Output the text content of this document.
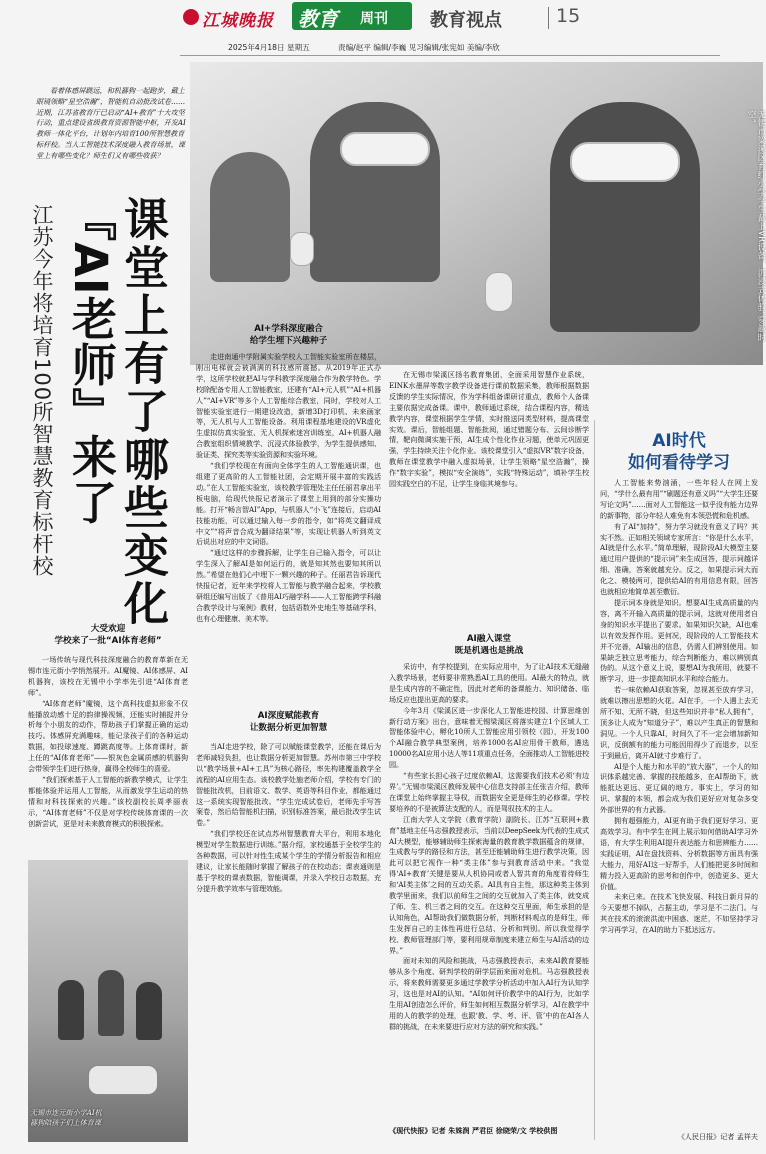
江城晚报 教育 周刊 教育视点	15
2025年4月18日 星期五	责编/赵平 编辑/李巍 见习编辑/张宪如 美编/李欣
无锡市梁溪区育红小学学生戴上VR设备，沉浸式体验“穿越时空”
看着体感屏跳远，和机器狗一起跑步，戴上眼镜领略“星空浩瀚”，智能机自动批改试卷……近期，江苏省教育厅已启动“AI+教育”十大攻坚行动，重点建设省级教育资源智能中枢，开发AI教师一体化平台，计划年内培育100所智慧教育标杆校。当人工智能技术深度融入教育场景，课堂上有哪些变化？师生们又有哪些收获？
课堂上有了哪些变化
『AI老师』来了
江苏今年将培育100所智慧教育标杆校
大受欢迎
学校来了一批“AI体育老师”

一场传统与现代科技深度融合的教育革新在无锡市连元街小学悄然展开。AI魔镜、AI体感屏、AI机器狗，该校在无锡中小学率先引进“AI体育老师”。

“AI体育老师”魔镜，这个高科技虚拟形象不仅能播放动感十足的韵律操视频，还能实时捕捉并分析每个小朋友的动作，帮助孩子们掌握正确的运动技巧。体感屏充满趣味，能记录孩子们的各种运动数据，如投球速度、蹲跳高度等。上体育课时，新上任的“AI体育老师”——银灰色金属质感的机器狗会带领学生们进行热身，赢得全校师生的喜爱。

“我们探索基于人工智能的新教学模式，让学生都能体验并运用人工智能，从而激发学生运动的热情和对科技探索的兴趣。”该校副校长周孝丽表示，“AI体育老师”不仅是对学校传统体育课的一次创新尝试，更是对未来教育模式的积极探索。

无锡市连元街小学AI机器狗陪孩子们上体育课
AI+学科深度融合
给学生埋下兴趣种子

走进南通中学附属实验学校人工智能实验室所在楼层，刚出电梯就会被满满的科技感所震撼。从2019年正式办学，这所学校就把AI与学科教学深度融合作为教学特色。学校除配备专用人工智能教室，还建有“AI+元人机”“AI+机器人”“AI+VR”等多个人工智能综合教室，同时，学校对人工智能实验室进行一期建设改造，新增3D打印机、未来画家等，无人机与人工智能设备。利用课程基地建设的VR虚化生虚拟仿真实验室、无人机探索迷宫训练室，AI+机器人融合教室组织情境教学、沉浸式体验教学，为学生提供感知、验证类、探究类等实验资源和实验环境。

“我们学校现在有面向全体学生的人工智能通识课，也组建了更高阶的人工智能社团，会定期开展丰富的实践活动。”在人工智能实验室，该校教学管理处主任任丽君拿出平板电脑，给现代快报记者演示了课堂上用到的部分实操功能。打开“畅言智AI”App，与机器人“小飞”连接后，启动AI技能功能，可以通过输入每一步的指令，如“将英文翻译成中文”“将声音合成为翻译结果”等，实现让机器人听到英文后说出对应的中文词语。

“通过这样的步骤拆解，让学生自己输入指令，可以让学生深入了解AI是如何运行的，就是知其然也要知其所以然。”希望在他们心中埋下一颗兴趣的种子。任丽君告诉现代快报记者，近年来学校将人工智能与教学融合起来，学校教研组还编写出版了《普用AI巧融学科——人工智能跨学科融合教学设计与案例》教材，包括语数外史地生等基础学科，也有心理健康、美术等。

AI深度赋能教育
让数据分析更加智慧

当AI走进学校，除了可以赋能课堂教学，还能在课后为老师减轻负担，也让数据分析更加智慧。苏州市第三中学校以“教学场景+AI+工具”为核心路径，率先构建覆盖教学全流程的AI应用生态。该校教学处施老师介绍，学校有专门的智能批改机，目前语文、数学、英语等科目作业，都能通过这一系统实现智能批改。“学生完成试卷后，老师先手写答案卷，然后给智能机扫描，识别标准答案，最后批改学生试卷。”

“我们学校还在试点苏州智慧教育大平台，利用本地化模型对学生数据进行训练。”据介绍，家校通基于全校学生的各种数据，可以针对性生成某个学生的学情分析报告和相应建议，让家长能随时掌握了解孩子的在校动态；课表通则是基于学校的课表数据，智能调课，并录入学校日志数据，充分提升教学效率与管理效能。

在无锡市梁溪区扬名教育集团，全面采用智慧作业系统，EINK水墨屏等数字教学设备进行课前数据采集，教师根据数据反馈的学生实际情况，作为学科组备课研讨重点，教师个人备课主要依据完成备课。课中，教师通过系统，结合课程内容，精选教学内容，课堂根据学生学情，实时推送同类型材料，提高课堂实效。课后，智能组题、智能批阅，通过错题分布、云间诊断学情，靶向微调实施干预，AI生成个性化作业习题，使单元巩固更强，学生持续关注个化作业。该校课堂引入“虚拟VR”数字设备，教师在课堂教学中融入虚拟场景，让学生领略“星空浩瀚”，操作“数字实验”，模拟“安全演练”，实践“特殊运动”，填补学生校园实践空白的不足，让学生身临其境参与。

AI融入课堂
既是机遇也是挑战

采访中，有学校提到，在实际应用中，为了让AI技术无缝融入教学场景，老师要非常熟悉AI工具的使用。AI最大的特点，就是生成内容的不确定性，因此对老师的备课能力、知识储备、临场反应也提出更高的要求。

今年3月《梁溪区进一步深化人工智能进校园、计算思维创新行动方案》出台，意味着无锡梁溪区将落实建立1个区域人工智能体验中心，孵化10所人工智能应用引领校（园），开发100个AI融合教学典型案例，培养1000名AI应用骨干教师，遴选10000名AI应用小达人等11项重点任务，全面推动人工智能进校园。

“有些家长担心孩子过度依赖AI，这需要我们技术必须‘有边界’。”无锡市梁溪区教师发展中心信息支持部主任张吉介绍，教师在课堂上始终掌握主导权，而数据安全更是师生的必修课。学校要培养的不是被算法支配的人，而是驾驭技术的主人。

江南大学人文学院（教育学院）副院长、江苏“互联网+教育”基地主任马志强教授表示，当前以DeepSeek为代表的生成式AI大模型，能够辅助师生探索海量的教育教学数据蕴含的规律，生成教与学的路径和方法，甚至还能辅助师生进行教学决策，因此可以把它视作一种“类主体”参与到教育活动中来。“我觉得‘AI+教育’关键是要从人机协同或者人智共育的角度看待师生和‘AI类主体’之间的互动关系。AI具有自主性，那这种类主体到教学里面来，我们以前师生之间的交互就加入了类主体，就变成了师、生、机三者之间的交互。在这种交互里面，师生承担的是认知角色，AI帮助我们做数据分析，判断材料观点的是师生，师生发挥自己的主体性再进行总结、分析和判别。所以我觉得学校、教师管理部门等，要利用规章制度来建立师生与AI活动的边界。”

面对未知的风险和挑战，马志强教授表示，未来AI教育要能够从多个角度、研判学校的研学层面来面对危机。马志强教授表示，将来教师需要更多通过学教学分析活动中加入AI行为认知学习，这也是对AI的认知。“AI如何评价教学中的AI行为，比如学生用AI创造怎么评价，师生如何相互数据分析学习，AI在教学中用的人的教学的处理，也跟‘教、学、考、评、管’中的在AI各人群的挑战，在未来要进行应对方法的研究和实践。”

《现代快报》记者 朱姝润 严君臣 徐晓荣/文 学校供图
AI时代
如何看待学习

人工智能来势汹涌，一些年轻人在网上发问，“学什么最有用”“刷题还有意义吗”“大学生还要写论文吗”……面对人工智能这一似乎没有能力边界的新事物，部分年轻人难免有本领恐慌和危机感。

有了AI“加持”，努力学习就没有意义了吗？其实不然。正如相关领域专家所言：“你是什么水平，AI就是什么水平。”简单理解，现阶段AI大模型主要通过用户提供的“提示词”来生成回答，提示词越详细、准确，答案就越充分。反之，如果提示词大而化之、模棱两可，提供给AI的有用信息有限，回答也就相应地简单甚至敷衍。

提示词本身就是知识。想要AI生成高质量的内容，离不开输入高质量的提示词，这就对使用者自身的知识水平提出了要求。如果知识欠缺，AI也难以有效发挥作用。更何况，现阶段的人工智能技术并不完善，AI输出的信息，仍需人们辨别使用。如果缺乏独立思考能力，综合判断能力，难以辨别真伪的。从这个意义上说，要想AI为我所用，就要不断学习，进一步提高知识水平和综合能力。

若一味依赖AI获取答案，忽视甚至放弃学习，就难以擦出思想的火花。AI在手，一个人遇上去无所不知、无所不晓，但这些知识并非“私人拥有”，顶多让人成为“知道分子”，难以产生真正的智慧和洞见。一个人只靠AI，时间久了不一定会增加新知识，反倒额有的能力可能因用得少了而退步，以至于到最后，离开AI就寸步难行了。

AI是个人能力和水平的“放大器”，一个人的知识体系越完善、掌握的技能越多，在AI帮助下，就能抵达更远、更辽阔的地方。事实上，学习的知识、掌握的本领，都会成为我们更好应对复杂多变外部世界的有力武器。

拥有超强能力，AI更有助于我们更好学习、更高效学习。有中学生在网上展示如何借助AI学习外语，有大学生利用AI提升表达能力和思辨能力……实践证明，AI在盘找资料、分析数据等方面具有强大能力，用好AI这一好帮手，人们能把更多时间和精力投入更高阶的思考和创作中，创造更多、更大价值。

未来已来。在技术飞快发展、科技日新月异的今天要想不掉队，占据主动，学习是不二法门。与其在技术的滚滚洪流中困惑、迷茫，不如坚持学习学习再学习，在AI的助力下抵达远方。

《人民日报》记者 孟祥夫
